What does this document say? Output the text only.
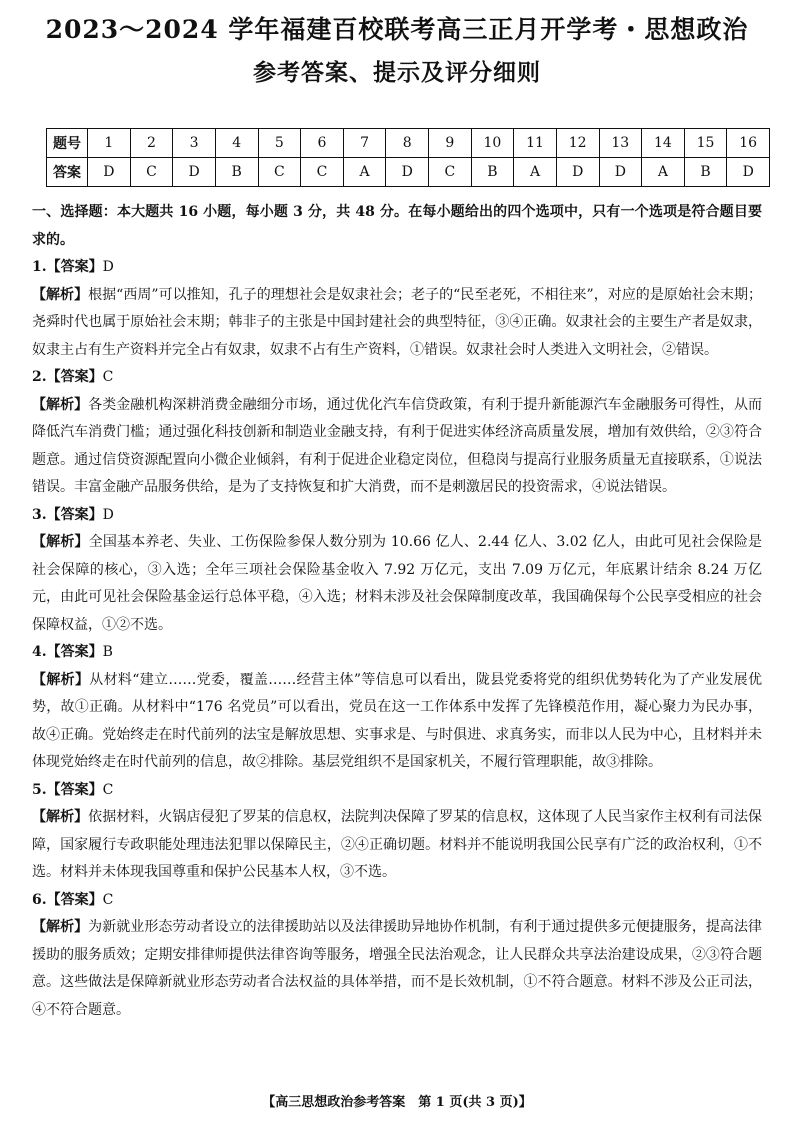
2023～2024 学年福建百校联考高三正月开学考・思想政治
参考答案、提示及评分细则
题号	1	2	3	4	5	6	7	8	9	10	11	12	13	14	15	16
答案	D	C	D	B	C	C	A	D	C	B	A	D	D	A	B	D

一、选择题：本大题共 16 小题，每小题 3 分，共 48 分。在每小题给出的四个选项中，只有一个选项是符合题目要求的。

1.【答案】D

【解析】根据“西周”可以推知，孔子的理想社会是奴隶社会；老子的“民至老死，不相往来”，对应的是原始社会末期；尧舜时代也属于原始社会末期；韩非子的主张是中国封建社会的典型特征，③④正确。奴隶社会的主要生产者是奴隶，奴隶主占有生产资料并完全占有奴隶，奴隶不占有生产资料，①错误。奴隶社会时人类进入文明社会，②错误。

2.【答案】C

【解析】各类金融机构深耕消费金融细分市场，通过优化汽车信贷政策，有利于提升新能源汽车金融服务可得性，从而降低汽车消费门槛；通过强化科技创新和制造业金融支持，有利于促进实体经济高质量发展，增加有效供给，②③符合题意。通过信贷资源配置向小微企业倾斜，有利于促进企业稳定岗位，但稳岗与提高行业服务质量无直接联系，①说法错误。丰富金融产品服务供给，是为了支持恢复和扩大消费，而不是刺激居民的投资需求，④说法错误。

3.【答案】D

【解析】全国基本养老、失业、工伤保险参保人数分别为 10.66 亿人、2.44 亿人、3.02 亿人，由此可见社会保险是社会保障的核心，③入选；全年三项社会保险基金收入 7.92 万亿元，支出 7.09 万亿元，年底累计结余 8.24 万亿元，由此可见社会保险基金运行总体平稳，④入选；材料未涉及社会保障制度改革，我国确保每个公民享受相应的社会保障权益，①②不选。

4.【答案】B

【解析】从材料“建立……党委，覆盖……经营主体”等信息可以看出，陇县党委将党的组织优势转化为了产业发展优势，故①正确。从材料中“176 名党员”可以看出，党员在这一工作体系中发挥了先锋模范作用，凝心聚力为民办事，故④正确。党始终走在时代前列的法宝是解放思想、实事求是、与时俱进、求真务实，而非以人民为中心，且材料并未体现党始终走在时代前列的信息，故②排除。基层党组织不是国家机关，不履行管理职能，故③排除。

5.【答案】C

【解析】依据材料，火锅店侵犯了罗某的信息权，法院判决保障了罗某的信息权，这体现了人民当家作主权利有司法保障，国家履行专政职能处理违法犯罪以保障民主，②④正确切题。材料并不能说明我国公民享有广泛的政治权利，①不选。材料并未体现我国尊重和保护公民基本人权，③不选。

6.【答案】C

【解析】为新就业形态劳动者设立的法律援助站以及法律援助异地协作机制，有利于通过提供多元便捷服务，提高法律援助的服务质效；定期安排律师提供法律咨询等服务，增强全民法治观念，让人民群众共享法治建设成果，②③符合题意。这些做法是保障新就业形态劳动者合法权益的具体举措，而不是长效机制，①不符合题意。材料不涉及公正司法，④不符合题意。

【高三思想政治参考答案　第 1 页(共 3 页)】
